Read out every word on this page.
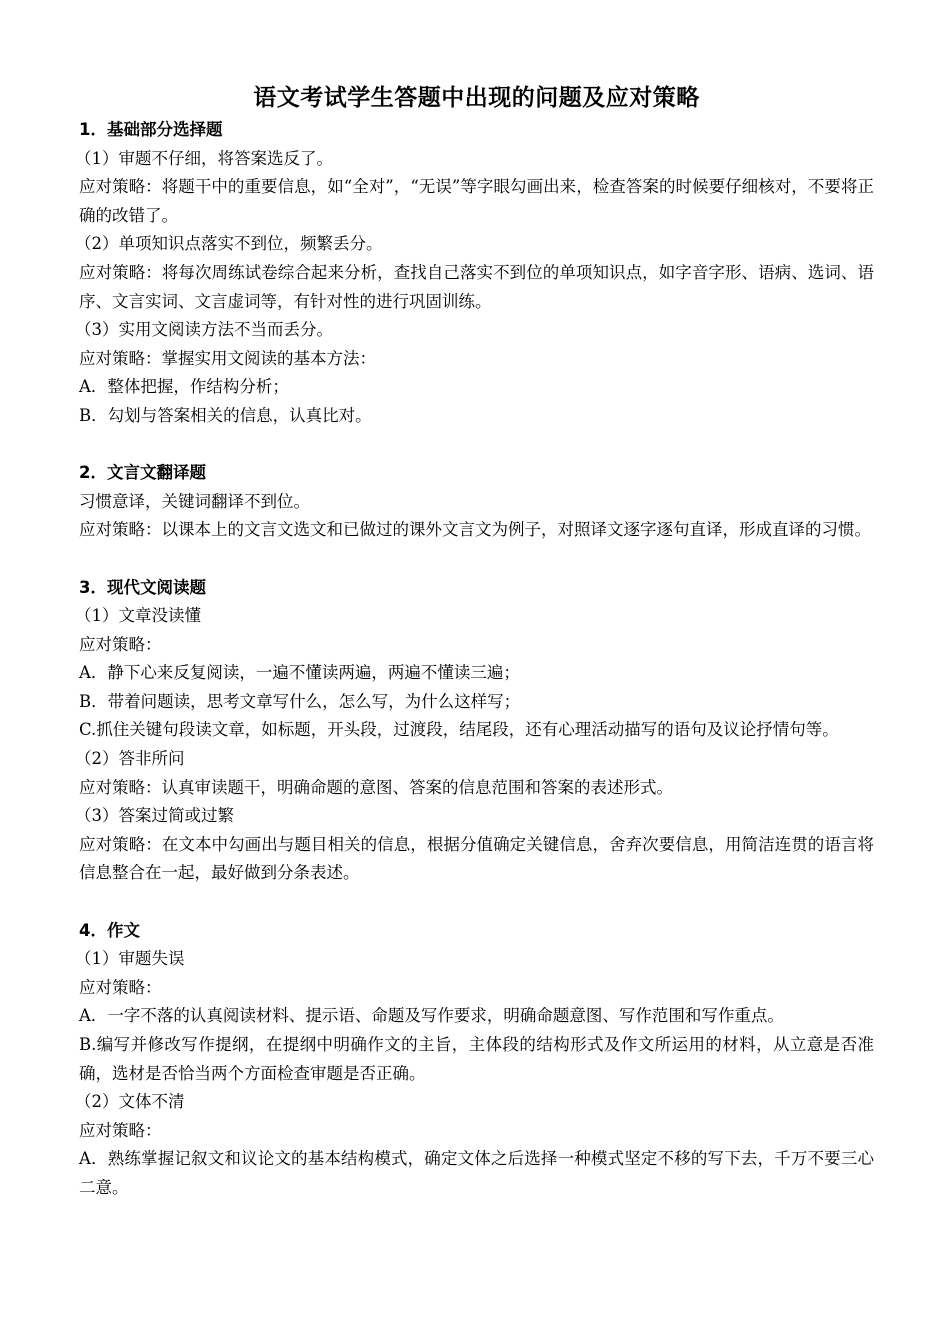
语文考试学生答题中出现的问题及应对策略

1．基础部分选择题

（1）审题不仔细，将答案选反了。

应对策略：将题干中的重要信息，如“全对”，“无误”等字眼勾画出来，检查答案的时候要仔细核对，不要将正确的改错了。

（2）单项知识点落实不到位，频繁丢分。

应对策略：将每次周练试卷综合起来分析，查找自己落实不到位的单项知识点，如字音字形、语病、选词、语序、文言实词、文言虚词等，有针对性的进行巩固训练。

（3）实用文阅读方法不当而丢分。

应对策略：掌握实用文阅读的基本方法：

A．整体把握，作结构分析；

B．勾划与答案相关的信息，认真比对。

2．文言文翻译题

习惯意译，关键词翻译不到位。

应对策略：以课本上的文言文选文和已做过的课外文言文为例子，对照译文逐字逐句直译，形成直译的习惯。

3．现代文阅读题

（1）文章没读懂

应对策略：

A．静下心来反复阅读，一遍不懂读两遍，两遍不懂读三遍；

B．带着问题读，思考文章写什么，怎么写，为什么这样写；

C.抓住关键句段读文章，如标题，开头段，过渡段，结尾段，还有心理活动描写的语句及议论抒情句等。

（2）答非所问

应对策略：认真审读题干，明确命题的意图、答案的信息范围和答案的表述形式。

（3）答案过简或过繁

应对策略：在文本中勾画出与题目相关的信息，根据分值确定关键信息，舍弃次要信息，用简洁连贯的语言将信息整合在一起，最好做到分条表述。

4．作文

（1）审题失误

应对策略：

A．一字不落的认真阅读材料、提示语、命题及写作要求，明确命题意图、写作范围和写作重点。

B.编写并修改写作提纲，在提纲中明确作文的主旨，主体段的结构形式及作文所运用的材料，从立意是否准确，选材是否恰当两个方面检查审题是否正确。

（2）文体不清

应对策略：

A．熟练掌握记叙文和议论文的基本结构模式，确定文体之后选择一种模式坚定不移的写下去，千万不要三心二意。
